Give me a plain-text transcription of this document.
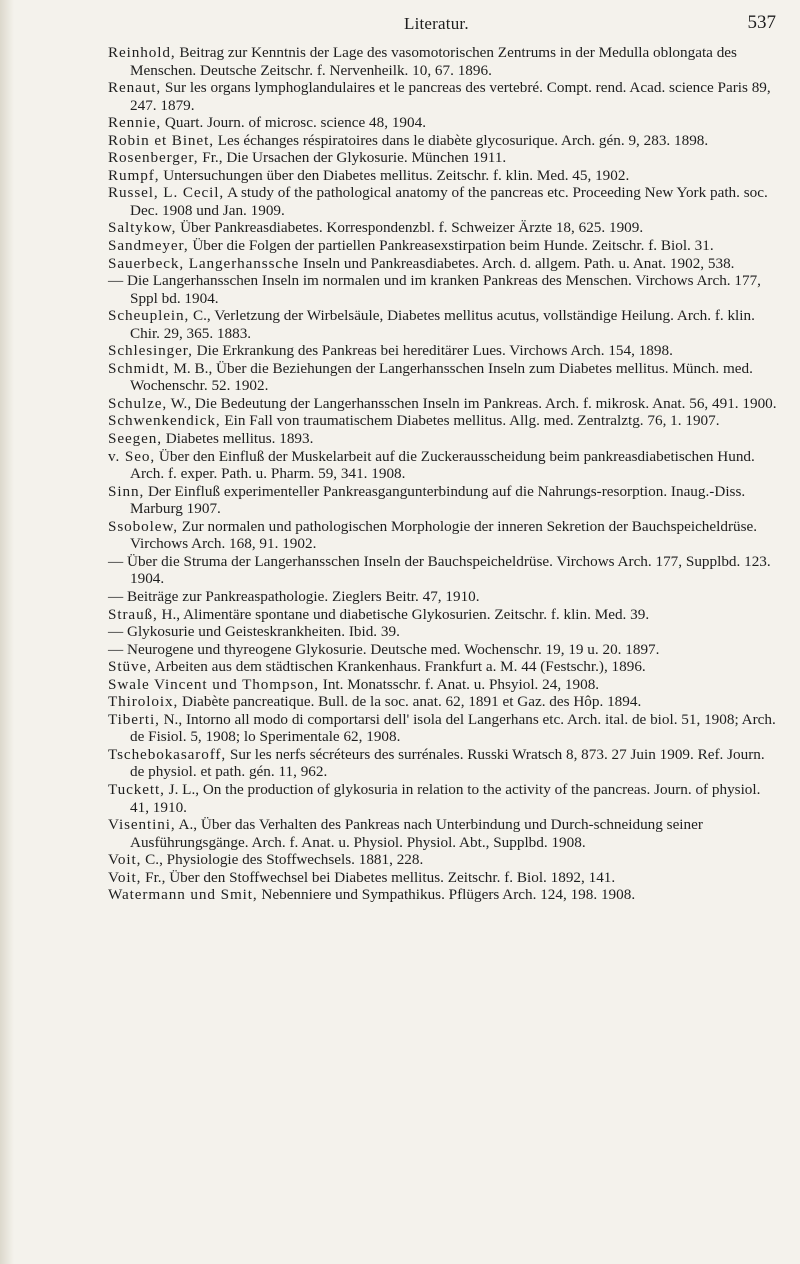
Literatur.	537
Reinhold, Beitrag zur Kenntnis der Lage des vasomotorischen Zentrums in der Medulla oblongata des Menschen. Deutsche Zeitschr. f. Nervenheilk. 10, 67. 1896.
Renaut, Sur les organs lymphoglandulaires et le pancreas des vertebré. Compt. rend. Acad. science Paris 89, 247. 1879.
Rennie, Quart. Journ. of microsc. science 48, 1904.
Robin et Binet, Les échanges réspiratoires dans le diabète glycosurique. Arch. gén. 9, 283. 1898.
Rosenberger, Fr., Die Ursachen der Glykosurie. München 1911.
Rumpf, Untersuchungen über den Diabetes mellitus. Zeitschr. f. klin. Med. 45, 1902.
Russel, L. Cecil, A study of the pathological anatomy of the pancreas etc. Proceeding New York path. soc. Dec. 1908 und Jan. 1909.
Saltykow, Über Pankreasdiabetes. Korrespondenzbl. f. Schweizer Ärzte 18, 625. 1909.
Sandmeyer, Über die Folgen der partiellen Pankreasexstirpation beim Hunde. Zeitschr. f. Biol. 31.
Sauerbeck, Langerhanssche Inseln und Pankreasdiabetes. Arch. d. allgem. Path. u. Anat. 1902, 538.
— Die Langerhansschen Inseln im normalen und im kranken Pankreas des Menschen. Virchows Arch. 177, Sppl bd. 1904.
Scheuplein, C., Verletzung der Wirbelsäule, Diabetes mellitus acutus, vollständige Heilung. Arch. f. klin. Chir. 29, 365. 1883.
Schlesinger, Die Erkrankung des Pankreas bei hereditärer Lues. Virchows Arch. 154, 1898.
Schmidt, M. B., Über die Beziehungen der Langerhansschen Inseln zum Diabetes mellitus. Münch. med. Wochenschr. 52. 1902.
Schulze, W., Die Bedeutung der Langerhansschen Inseln im Pankreas. Arch. f. mikrosk. Anat. 56, 491. 1900.
Schwenkendick, Ein Fall von traumatischem Diabetes mellitus. Allg. med. Zentralztg. 76, 1. 1907.
Seegen, Diabetes mellitus. 1893.
v. Seo, Über den Einfluß der Muskelarbeit auf die Zuckerausscheidung beim pankreasdiabetischen Hund. Arch. f. exper. Path. u. Pharm. 59, 341. 1908.
Sinn, Der Einfluß experimenteller Pankreasgangunterbindung auf die Nahrungs-resorption. Inaug.-Diss. Marburg 1907.
Ssobolew, Zur normalen und pathologischen Morphologie der inneren Sekretion der Bauchspeicheldrüse. Virchows Arch. 168, 91. 1902.
— Über die Struma der Langerhansschen Inseln der Bauchspeicheldrüse. Virchows Arch. 177, Supplbd. 123. 1904.
— Beiträge zur Pankreaspathologie. Zieglers Beitr. 47, 1910.
Strauß, H., Alimentäre spontane und diabetische Glykosurien. Zeitschr. f. klin. Med. 39.
— Glykosurie und Geisteskrankheiten. Ibid. 39.
— Neurogene und thyreogene Glykosurie. Deutsche med. Wochenschr. 19, 19 u. 20. 1897.
Stüve, Arbeiten aus dem städtischen Krankenhaus. Frankfurt a. M. 44 (Festschr.), 1896.
Swale Vincent und Thompson, Int. Monatsschr. f. Anat. u. Phsyiol. 24, 1908.
Thiroloix, Diabète pancreatique. Bull. de la soc. anat. 62, 1891 et Gaz. des Hôp. 1894.
Tiberti, N., Intorno all modo di comportarsi dell' isola del Langerhans etc. Arch. ital. de biol. 51, 1908; Arch. de Fisiol. 5, 1908; lo Sperimentale 62, 1908.
Tschebokasaroff, Sur les nerfs sécréteurs des surrénales. Russki Wratsch 8, 873. 27 Juin 1909. Ref. Journ. de physiol. et path. gén. 11, 962.
Tuckett, J. L., On the production of glykosuria in relation to the activity of the pancreas. Journ. of physiol. 41, 1910.
Visentini, A., Über das Verhalten des Pankreas nach Unterbindung und Durch-schneidung seiner Ausführungsgänge. Arch. f. Anat. u. Physiol. Physiol. Abt., Supplbd. 1908.
Voit, C., Physiologie des Stoffwechsels. 1881, 228.
Voit, Fr., Über den Stoffwechsel bei Diabetes mellitus. Zeitschr. f. Biol. 1892, 141.
Watermann und Smit, Nebenniere und Sympathikus. Pflügers Arch. 124, 198. 1908.
